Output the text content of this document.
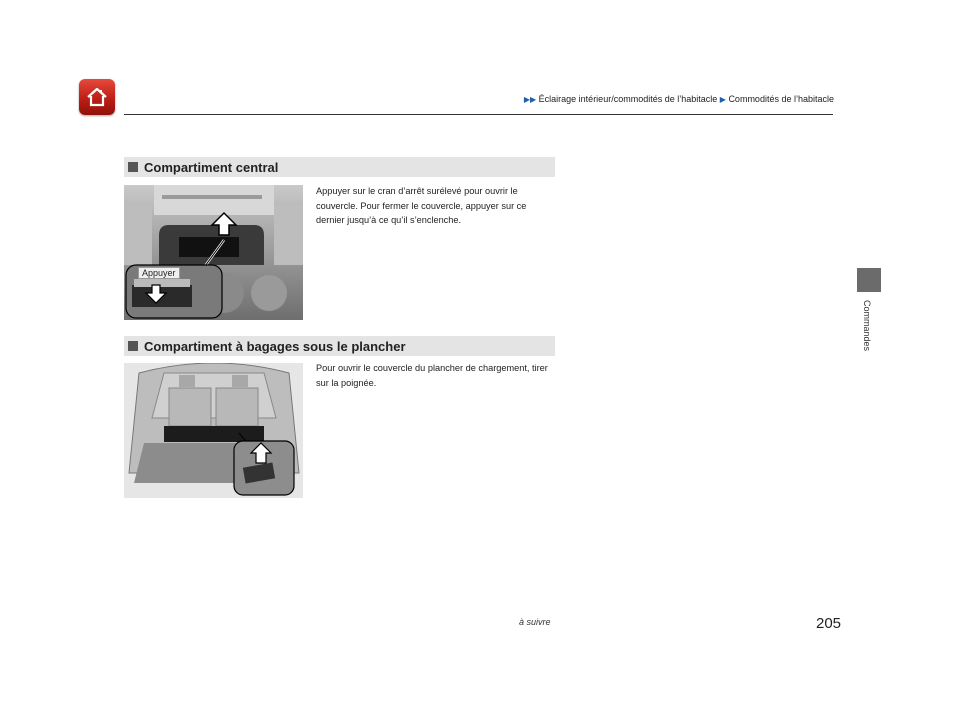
▶▶ Éclairage intérieur/commodités de l’habitacle ▶ Commodités de l’habitacle
Commandes
Compartiment central
Appuyer
Appuyer sur le cran d’arrêt surélevé pour ouvrir le couvercle. Pour fermer le couvercle, appuyer sur ce dernier jusqu’à ce qu’il s’enclenche.
Compartiment à bagages sous le plancher
Pour ouvrir le couvercle du plancher de chargement, tirer sur la poignée.
à suivre	205
